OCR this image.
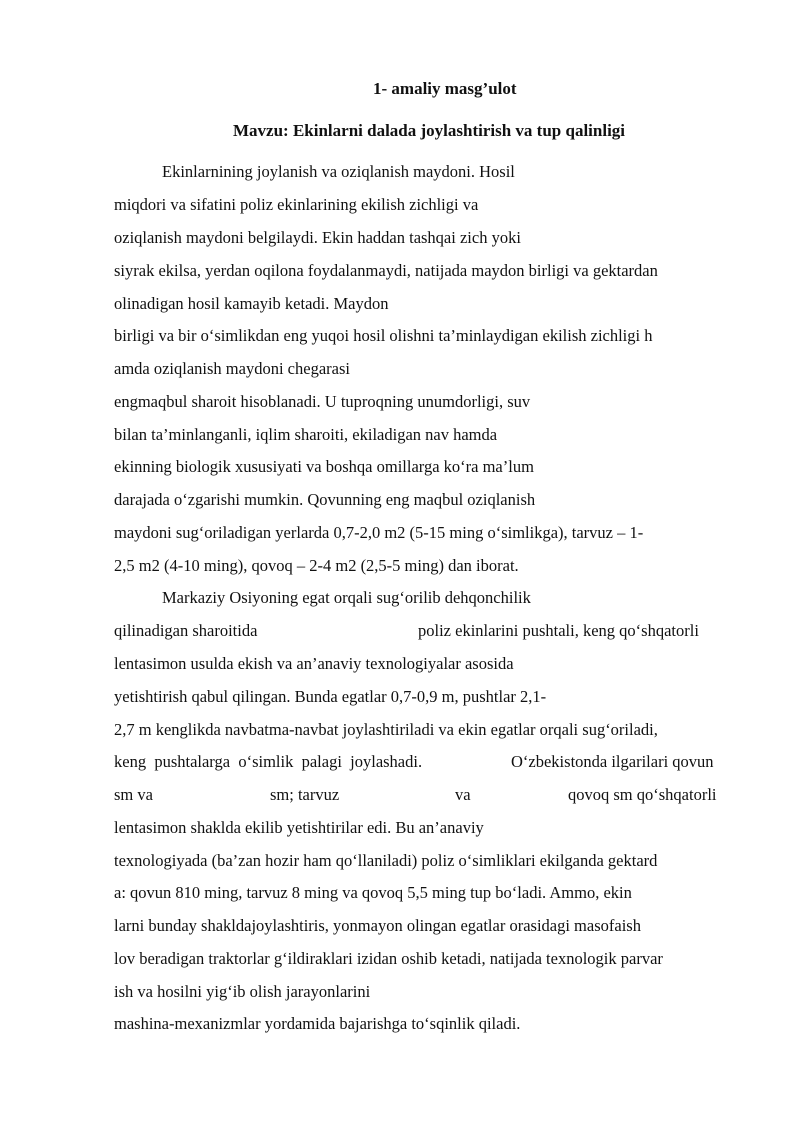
1- amaliy masg’ulot
Mavzu: Ekinlarni dalada joylashtirish va tup qalinligi
Ekinlarnining joylanish va oziqlanish maydoni. Hosil
miqdori va sifatini poliz ekinlarining ekilish zichligi va
oziqlanish maydoni belgilaydi. Ekin haddan tashqai zich yoki
siyrak ekilsa, yerdan oqilona foydalanmaydi, natijada maydon birligi va gektardan
olinadigan hosil kamayib ketadi. Maydon
birligi va bir o‘simlikdan eng yuqoi hosil olishni ta’minlaydigan ekilish zichligi h
amda oziqlanish maydoni chegarasi
engmaqbul sharoit hisoblanadi. U tuproqning unumdorligi, suv
bilan ta’minlanganli, iqlim sharoiti, ekiladigan nav hamda
ekinning biologik xususiyati va boshqa omillarga ko‘ra ma’lum
darajada o‘zgarishi mumkin. Qovunning eng maqbul oziqlanish
maydoni sug‘oriladigan yerlarda 0,7-2,0 m2 (5-15 ming o‘simlikga), tarvuz – 1-
2,5 m2 (4-10 ming), qovoq – 2-4 m2 (2,5-5 ming) dan iborat.
Markaziy Osiyoning egat orqali sug‘orilib dehqonchilik
qilinadigan sharoitida	poliz ekinlarini pushtali, keng qo‘shqatorli
lentasimon usulda ekish va an’anaviy texnologiyalar asosida
yetishtirish qabul qilingan. Bunda egatlar 0,7-0,9 m, pushtlar 2,1-
2,7 m kenglikda navbatma-navbat joylashtiriladi va ekin egatlar orqali sug‘oriladi,
keng  pushtalarga  o‘simlik  palagi  joylashadi.	O‘zbekistonda ilgarilari qovun
sm va	sm; tarvuz	va	qovoq sm qo‘shqatorli
lentasimon shaklda ekilib yetishtirilar edi. Bu an’anaviy
texnologiyada (ba’zan hozir ham qo‘llaniladi) poliz o‘simliklari ekilganda gektard
a: qovun 810 ming, tarvuz 8 ming va qovoq 5,5 ming tup bo‘ladi. Ammo, ekin
larni bunday shakldajoylashtiris, yonmayon olingan egatlar orasidagi masofaish
lov beradigan traktorlar g‘ildiraklari izidan oshib ketadi, natijada texnologik parvar
ish va hosilni yig‘ib olish jarayonlarini
mashina-mexanizmlar yordamida bajarishga to‘sqinlik qiladi.
